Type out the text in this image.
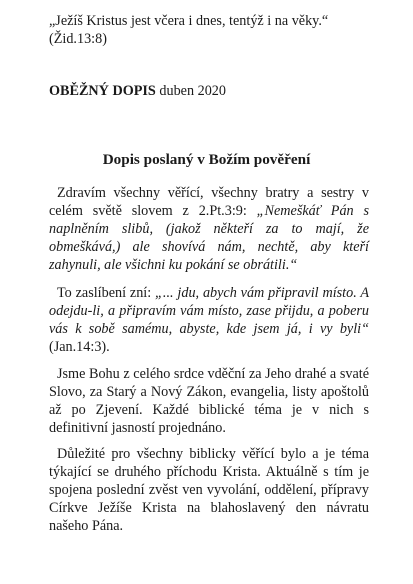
„Ježíš Kristus jest včera i dnes, tentýž i na věky.“
(Žid.13:8)
OBĚŽNÝ DOPIS duben 2020
Dopis poslaný v Božím pověření
Zdravím všechny věřící, všechny bratry a sestry v celém světě slovem z 2.Pt.3:9: „Nemeškáť Pán s naplněním slibů, (jakož někteří za to mají, že obmeškává,) ale shovívá nám, nechtě, aby kteří zahynuli, ale všichni ku pokání se obrátili.“
To zaslíbení zní: „... jdu, abych vám připravil místo. A odejdu-li, a připravím vám místo, zase přijdu, a poberu vás k sobě samému, abyste, kde jsem já, i vy byli“ (Jan.14:3).
Jsme Bohu z celého srdce vděční za Jeho drahé a svaté Slovo, za Starý a Nový Zákon, evangelia, listy apoštolů až po Zjevení. Každé biblické téma je v nich s definitivní jasností projednáno.
Důležité pro všechny biblicky věřící bylo a je téma týkající se druhého příchodu Krista. Aktuálně s tím je spojena poslední zvěst ven vyvolání, oddělení, přípravy Církve Ježíše Krista na blahoslavený den návratu našeho Pána.
